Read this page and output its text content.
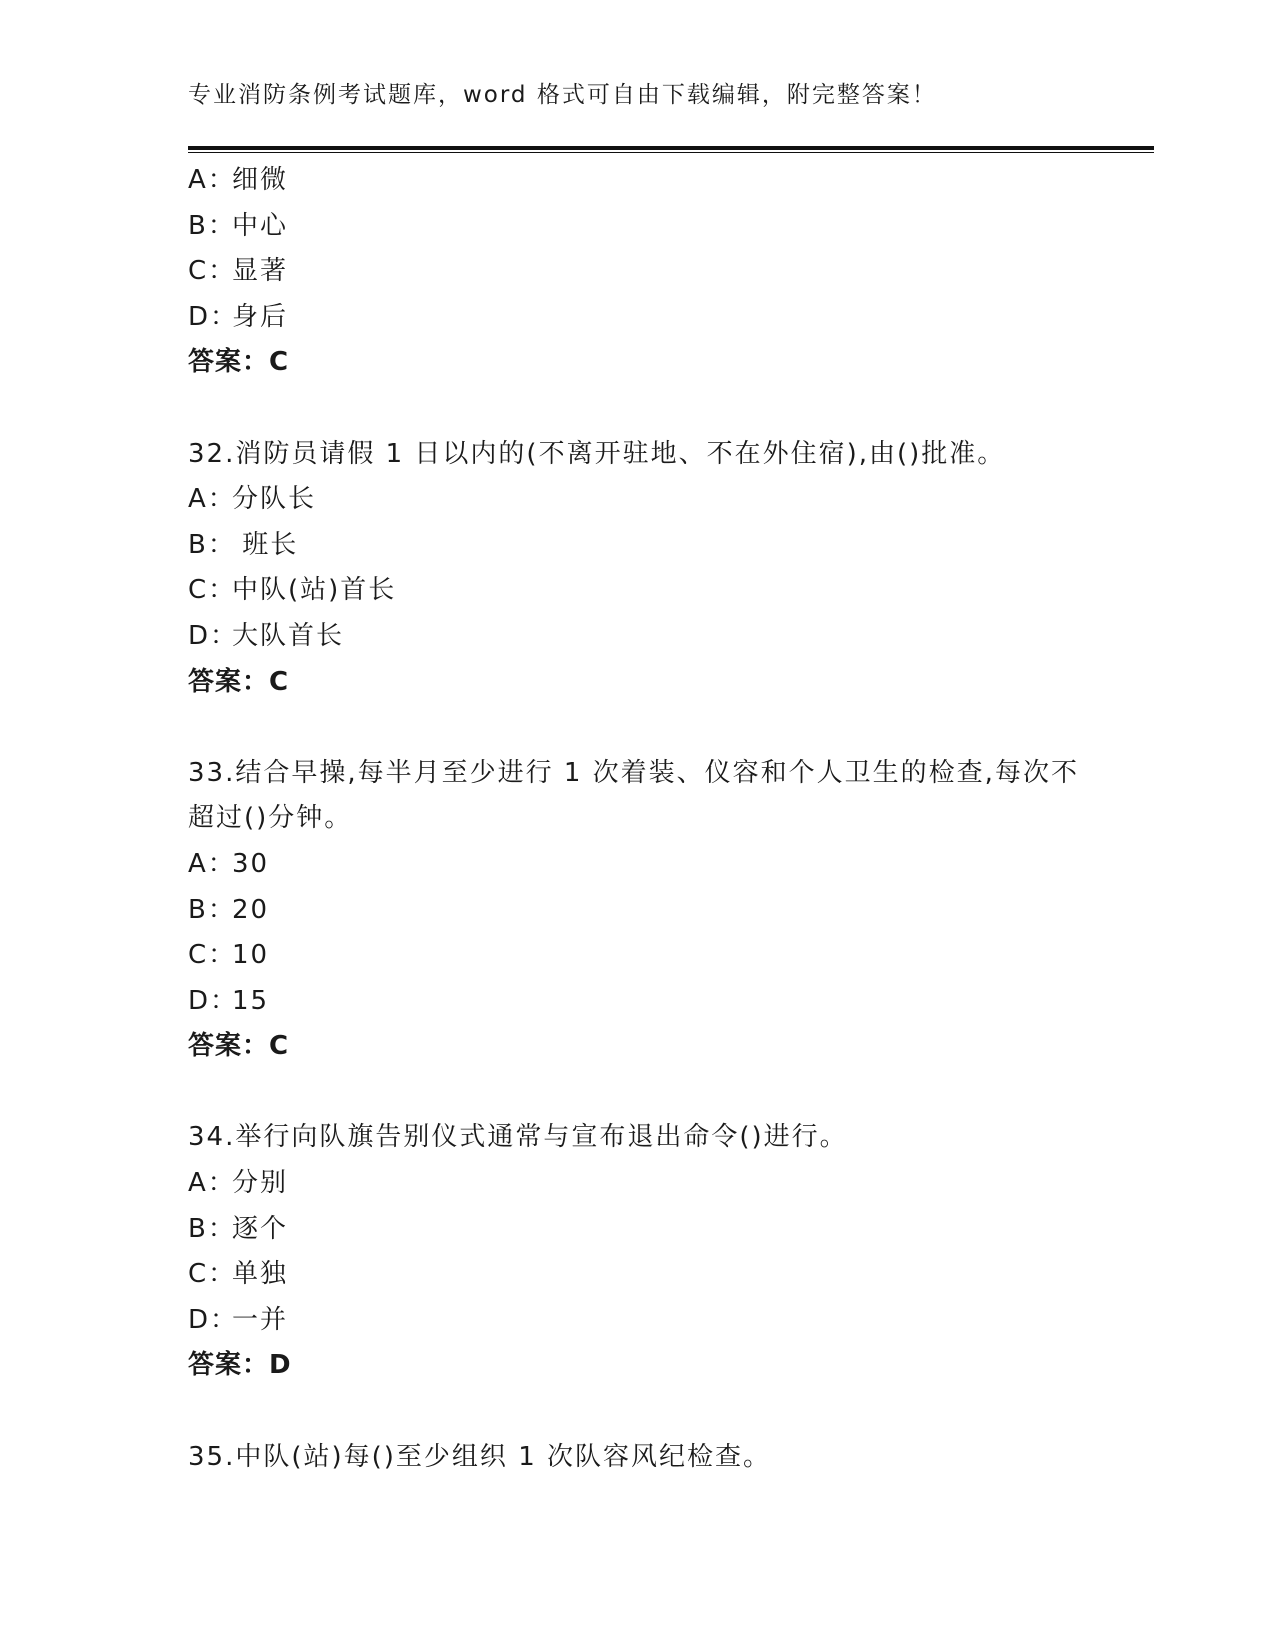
专业消防条例考试题库，word 格式可自由下载编辑，附完整答案！
A：细微
B：中心
C：显著
D：身后
答案：C
32.消防员请假 1 日以内的(不离开驻地、不在外住宿),由()批准。
A：分队长
B： 班长
C：中队(站)首长
D：大队首长
答案：C
33.结合早操,每半月至少进行 1 次着装、仪容和个人卫生的检查,每次不超过()分钟。
A：30
B：20
C：10
D：15
答案：C
34.举行向队旗告别仪式通常与宣布退出命令()进行。
A：分别
B：逐个
C：单独
D：一并
答案：D
35.中队(站)每()至少组织 1 次队容风纪检查。
